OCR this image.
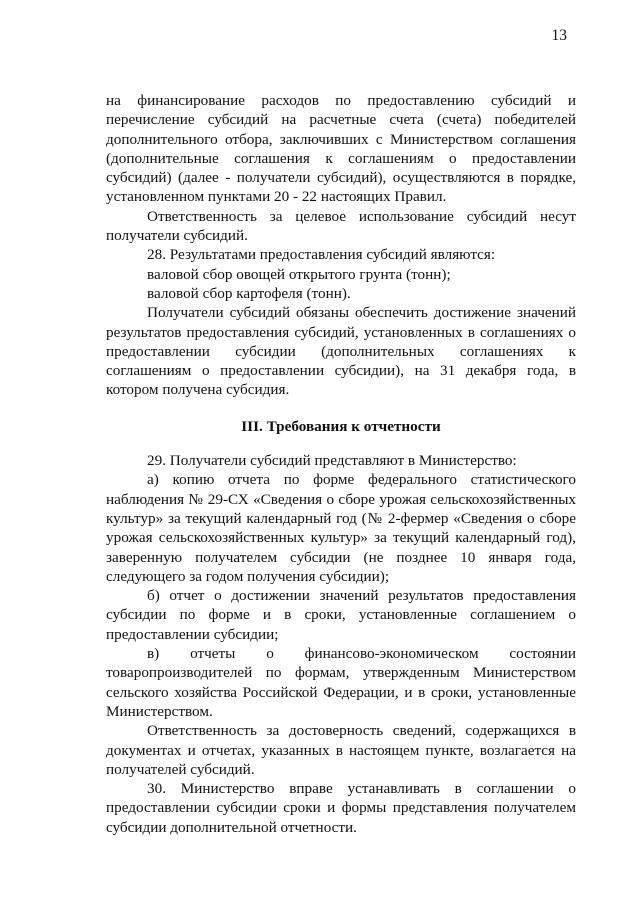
13

на финансирование расходов по предоставлению субсидий и перечисление субсидий на расчетные счета (счета) победителей дополнительного отбора, заключивших с Министерством соглашения (дополнительные соглашения к соглашениям о предоставлении субсидий) (далее - получатели субсидий), осуществляются в порядке, установленном пунктами 20 - 22 настоящих Правил.

Ответственность за целевое использование субсидий несут получатели субсидий.

28. Результатами предоставления субсидий являются:

валовой сбор овощей открытого грунта (тонн);

валовой сбор картофеля (тонн).

Получатели субсидий обязаны обеспечить достижение значений результатов предоставления субсидий, установленных в соглашениях о предоставлении субсидии (дополнительных соглашениях к соглашениям о предоставлении субсидии), на 31 декабря года, в котором получена субсидия.

III. Требования к отчетности

29. Получатели субсидий представляют в Министерство:

а) копию отчета по форме федерального статистического наблюдения № 29-СХ «Сведения о сборе урожая сельскохозяйственных культур» за текущий календарный год (№ 2-фермер «Сведения о сборе урожая сельскохозяйственных культур» за текущий календарный год), заверенную получателем субсидии (не позднее 10 января года, следующего за годом получения субсидии);

б) отчет о достижении значений результатов предоставления субсидии по форме и в сроки, установленные соглашением о предоставлении субсидии;

в) отчеты о финансово-экономическом состоянии товаропроизводителей по формам, утвержденным Министерством сельского хозяйства Российской Федерации, и в сроки, установленные Министерством.

Ответственность за достоверность сведений, содержащихся в документах и отчетах, указанных в настоящем пункте, возлагается на получателей субсидий.

30. Министерство вправе устанавливать в соглашении о предоставлении субсидии сроки и формы представления получателем субсидии дополнительной отчетности.
